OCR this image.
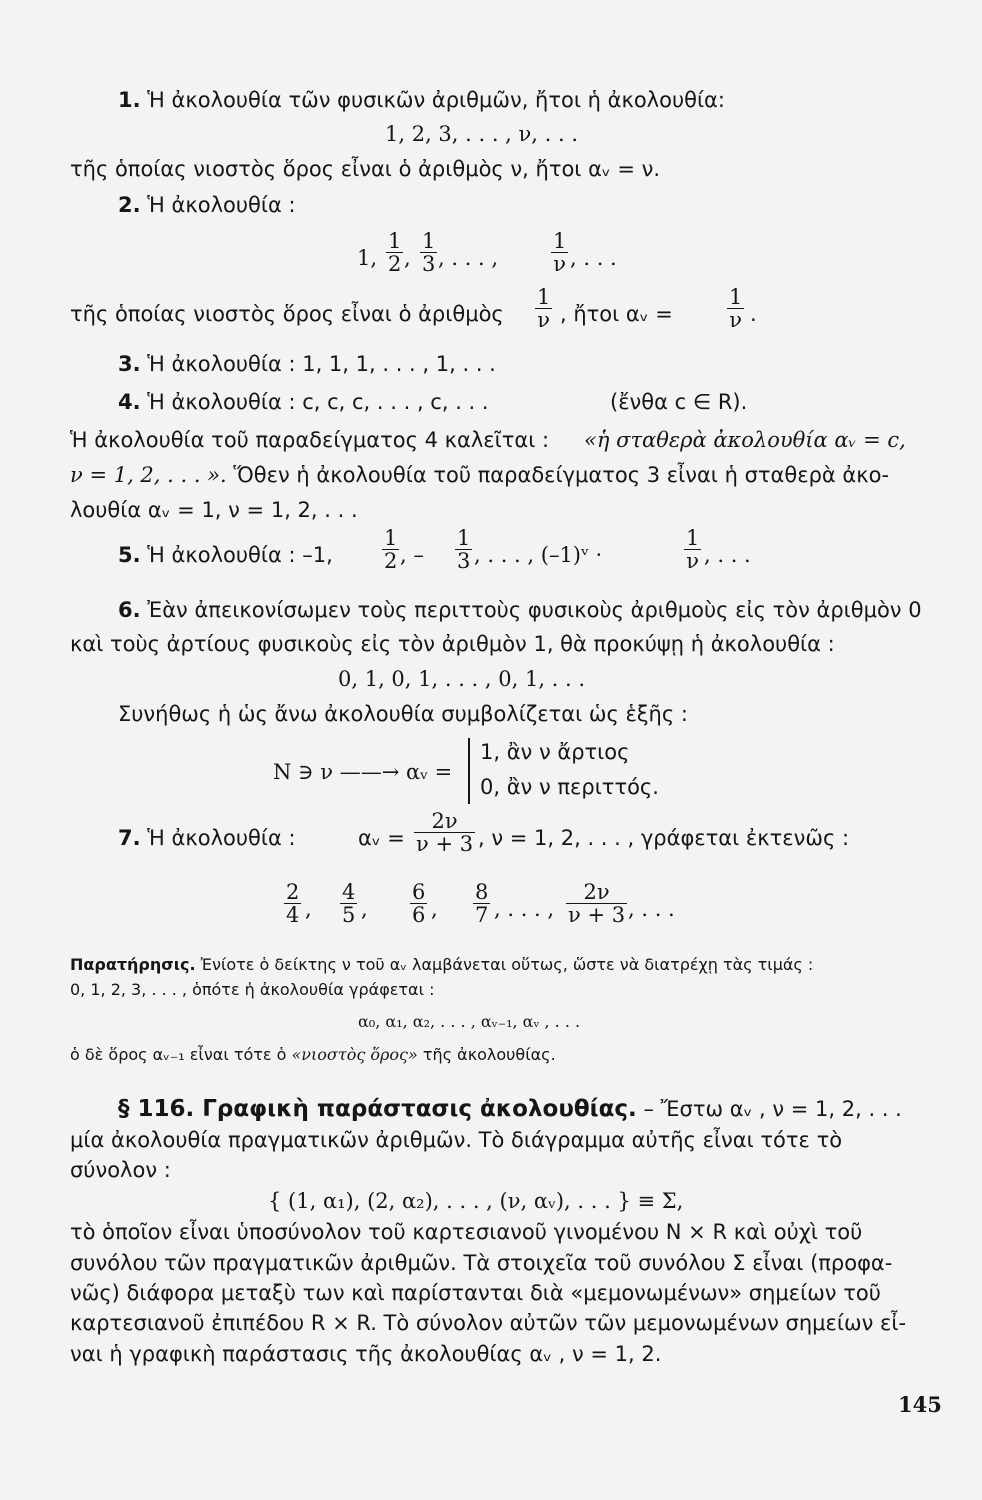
1. Ἡ ἀκολουθία τῶν φυσικῶν ἀριθμῶν, ἤτοι ἡ ἀκολουθία:
1, 2, 3, . . . , ν, . . .
τῆς ὁποίας νιοστὸς ὅρος εἶναι ὁ ἀριθμὸς ν, ἤτοι αᵥ = ν.
2. Ἡ ἀκολουθία :
1, $\frac{1}{2}$ , $\frac{1}{3}$ , . . . ,	$\frac{1}{\nu}$ , . . .
τῆς ὁποίας νιοστὸς ὅρος εἶναι ὁ ἀριθμὸς $\frac{1}{\nu}$ , ἤτοι αᵥ =	$\frac{1}{\nu}$ .
3. Ἡ ἀκολουθία : 1, 1, 1, . . . , 1, . . .
4. Ἡ ἀκολουθία : c, c, c, . . . , c, . . .	(ἔνθα c ∈ R).
Ἡ ἀκολουθία τοῦ παραδείγματος 4 καλεῖται : «ἡ σταθερὰ ἀκολουθία αᵥ = c,
ν = 1, 2, . . . ». Ὅθεν ἡ ἀκολουθία τοῦ παραδείγματος 3 εἶναι ἡ σταθερὰ ἀκο-
λουθία αᵥ = 1, ν = 1, 2, . . .
5. Ἡ ἀκολουθία : –1, $\frac{1}{2}$ , – $\frac{1}{3}$ , . . . , (–1)ᵛ ·	$\frac{1}{\nu}$ , . . .
6. Ἐὰν ἀπεικονίσωμεν τοὺς περιττοὺς φυσικοὺς ἀριθμοὺς εἰς τὸν ἀριθμὸν 0
καὶ τοὺς ἀρτίους φυσικοὺς εἰς τὸν ἀριθμὸν 1, θὰ προκύψῃ ἡ ἀκολουθία :
0, 1, 0, 1, . . . , 0, 1, . . .
Συνήθως ἡ ὡς ἄνω ἀκολουθία συμβολίζεται ὡς ἑξῆς :
N ∋ ν ——→ αᵥ =
1, ἂν ν ἄρτιος
0, ἂν ν περιττός.
7. Ἡ ἀκολουθία :	αᵥ = $\frac{2\nu}{\nu + 3}$ , ν = 1, 2, . . . , γράφεται ἐκτενῶς :
$\frac{2}{4}$ , $\frac{4}{5}$ , $\frac{6}{6}$ , $\frac{8}{7}$ , . . . , $\frac{2\nu}{\nu + 3}$ , . . .
Παρατήρησις. Ἐνίοτε ὁ δείκτης ν τοῦ αᵥ λαμβάνεται οὕτως, ὥστε νὰ διατρέχῃ τὰς τιμάς :
0, 1, 2, 3, . . . , ὁπότε ἡ ἀκολουθία γράφεται :
α₀, α₁, α₂, . . . , αᵥ₋₁, αᵥ , . . .
ὁ δὲ ὅρος αᵥ₋₁ εἶναι τότε ὁ «νιοστὸς ὅρος» τῆς ἀκολουθίας.
§ 116. Γραφικὴ παράστασις ἀκολουθίας. – Ἔστω αᵥ , ν = 1, 2, . . .
μία ἀκολουθία πραγματικῶν ἀριθμῶν. Τὸ διάγραμμα αὐτῆς εἶναι τότε τὸ
σύνολον :
{ (1, α₁), (2, α₂), . . . , (ν, αᵥ), . . . } ≡ Σ,
τὸ ὁποῖον εἶναι ὑποσύνολον τοῦ καρτεσιανοῦ γινομένου N × R καὶ οὐχὶ τοῦ
συνόλου τῶν πραγματικῶν ἀριθμῶν. Τὰ στοιχεῖα τοῦ συνόλου Σ εἶναι (προφα-
νῶς) διάφορα μεταξὺ των καὶ παρίστανται διὰ «μεμονωμένων» σημείων τοῦ
καρτεσιανοῦ ἐπιπέδου R × R. Τὸ σύνολον αὐτῶν τῶν μεμονωμένων σημείων εἶ-
ναι ἡ γραφικὴ παράστασις τῆς ἀκολουθίας αᵥ , ν = 1, 2.
145
